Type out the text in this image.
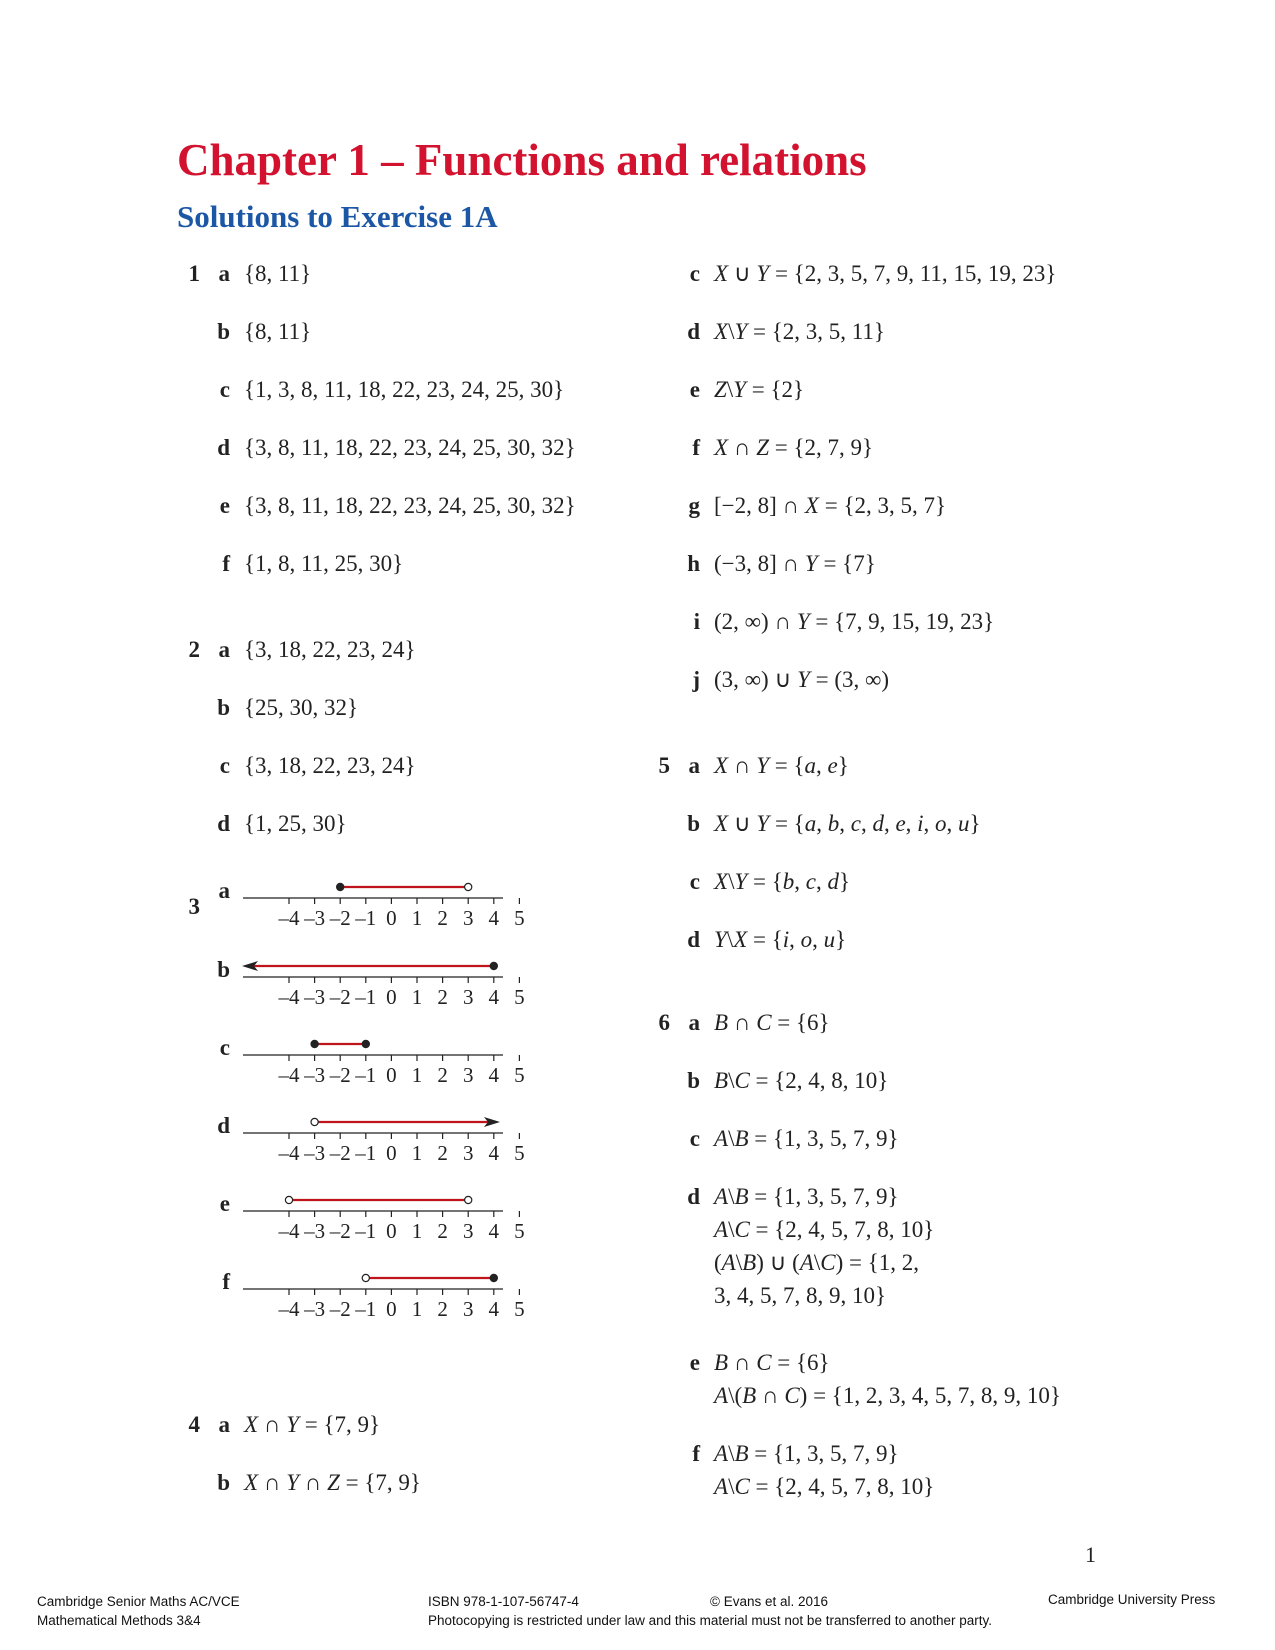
Chapter 1 – Functions and relations
Solutions to Exercise 1A
1 a {8, 11}
b {8, 11}
c {1, 3, 8, 11, 18, 22, 23, 24, 25, 30}
d {3, 8, 11, 18, 22, 23, 24, 25, 30, 32}
e {3, 8, 11, 18, 22, 23, 24, 25, 30, 32}
f {1, 8, 11, 25, 30}
2 a {3, 18, 22, 23, 24}
b {25, 30, 32}
c {3, 18, 22, 23, 24}
d {1, 25, 30}
3
a
–4 –3 –2 –1 0 1 2 3 4 5
b
–4 –3 –2 –1 0 1 2 3 4 5
c
–4 –3 –2 –1 0 1 2 3 4 5
d
–4 –3 –2 –1 0 1 2 3 4 5
e
–4 –3 –2 –1 0 1 2 3 4 5
f
–4 –3 –2 –1 0 1 2 3 4 5
4 a X ∩ Y = {7, 9}
b X ∩ Y ∩ Z = {7, 9}
c X ∪ Y = {2, 3, 5, 7, 9, 11, 15, 19, 23}
d X\Y = {2, 3, 5, 11}
e Z\Y = {2}
f X ∩ Z = {2, 7, 9}
g [−2, 8] ∩ X = {2, 3, 5, 7}
h (−3, 8] ∩ Y = {7}
i (2, ∞) ∩ Y = {7, 9, 15, 19, 23}
j (3, ∞) ∪ Y = (3, ∞)
5 a X ∩ Y = {a, e}
b X ∪ Y = {a, b, c, d, e, i, o, u}
c X\Y = {b, c, d}
d Y\X = {i, o, u}
6 a B ∩ C = {6}
b B\C = {2, 4, 8, 10}
c A\B = {1, 3, 5, 7, 9}
d A\B = {1, 3, 5, 7, 9}
A\C = {2, 4, 5, 7, 8, 10}
(A\B) ∪ (A\C) = {1, 2,
3, 4, 5, 7, 8, 9, 10}
e B ∩ C = {6}
A\(B ∩ C) = {1, 2, 3, 4, 5, 7, 8, 9, 10}
f A\B = {1, 3, 5, 7, 9}
A\C = {2, 4, 5, 7, 8, 10}
1
Cambridge Senior Maths AC/VCE
Mathematical Methods 3&4
ISBN 978-1-107-56747-4	© Evans et al. 2016	Cambridge University Press
Photocopying is restricted under law and this material must not be transferred to another party.
